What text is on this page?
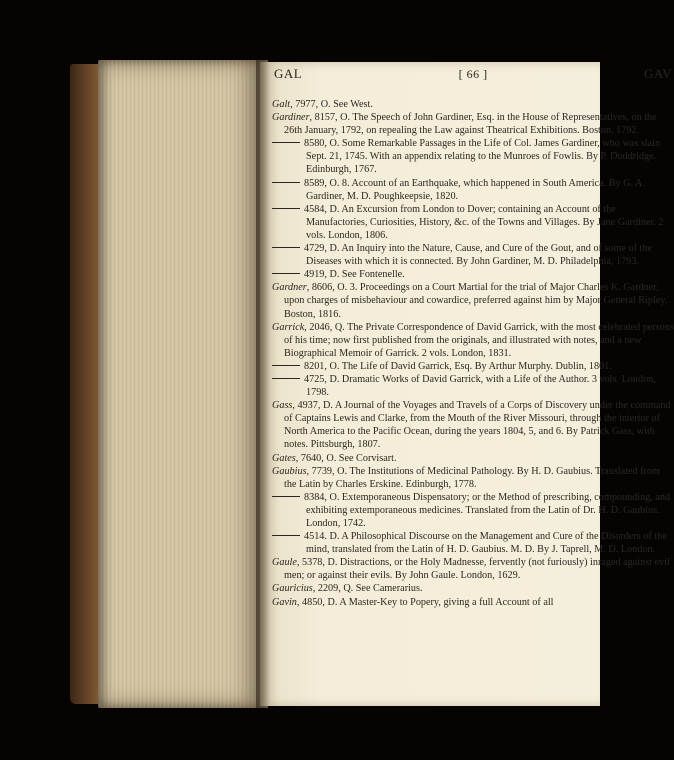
GAL	[ 66 ]	GAV

Galt, 7977, O. See West.

Gardiner, 8157, O. The Speech of John Gardiner, Esq. in the House of Representatives, on the 26th January, 1792, on repealing the Law against Theatrical Exhibitions. Boston, 1792.

8580, O. Some Remarkable Passages in the Life of Col. James Gardiner, who was slain Sept. 21, 1745. With an appendix relating to the Munroes of Fowlis. By P. Doddridge. Edinburgh, 1767.

8589, O. 8. Account of an Earthquake, which happened in South America. By G. A. Gardiner, M. D. Poughkeepsie, 1820.

4584, D. An Excursion from London to Dover; containing an Account of the Manufactories, Curiosities, History, &c. of the Towns and Villages. By Jane Gardiner. 2 vols. London, 1806.

4729, D. An Inquiry into the Nature, Cause, and Cure of the Gout, and of some of the Diseases with which it is connected. By John Gardiner, M. D. Philadelphia, 1793.

4919, D. See Fontenelle.

Gardner, 8606, O. 3. Proceedings on a Court Martial for the trial of Major Charles K. Gardner, upon charges of misbehaviour and cowardice, preferred against him by Major General Ripley. Boston, 1816.

Garrick, 2046, Q. The Private Correspondence of David Garrick, with the most celebrated persons of his time; now first published from the originals, and illustrated with notes, and a new Biographical Memoir of Garrick. 2 vols. London, 1831.

8201, O. The Life of David Garrick, Esq. By Arthur Murphy. Dublin, 1801.

4725, D. Dramatic Works of David Garrick, with a Life of the Author. 3 vols. London, 1798.

Gass, 4937, D. A Journal of the Voyages and Travels of a Corps of Discovery under the command of Captains Lewis and Clarke, from the Mouth of the River Missouri, through the interior of North America to the Pacific Ocean, during the years 1804, 5, and 6. By Patrick Gass, with notes. Pittsburgh, 1807.

Gates, 7640, O. See Corvisart.

Gaubius, 7739, O. The Institutions of Medicinal Pathology. By H. D. Gaubius. Translated from the Latin by Charles Erskine. Edinburgh, 1778.

8384, O. Extemporaneous Dispensatory; or the Method of prescribing, compounding, and exhibiting extemporaneous medicines. Translated from the Latin of Dr. H. D. Gaubius. London, 1742.

4514. D. A Philosophical Discourse on the Management and Cure of the Disorders of the mind, translated from the Latin of H. D. Gaubius. M. D. By J. Taprell, M. D. London.

Gaule, 5378, D. Distractions, or the Holy Madnesse, fervently (not furiously) inraged against evil men; or against their evils. By John Gaule. London, 1629.

Gauricius, 2209, Q. See Camerarius.

Gavin, 4850, D. A Master-Key to Popery, giving a full Account of all
